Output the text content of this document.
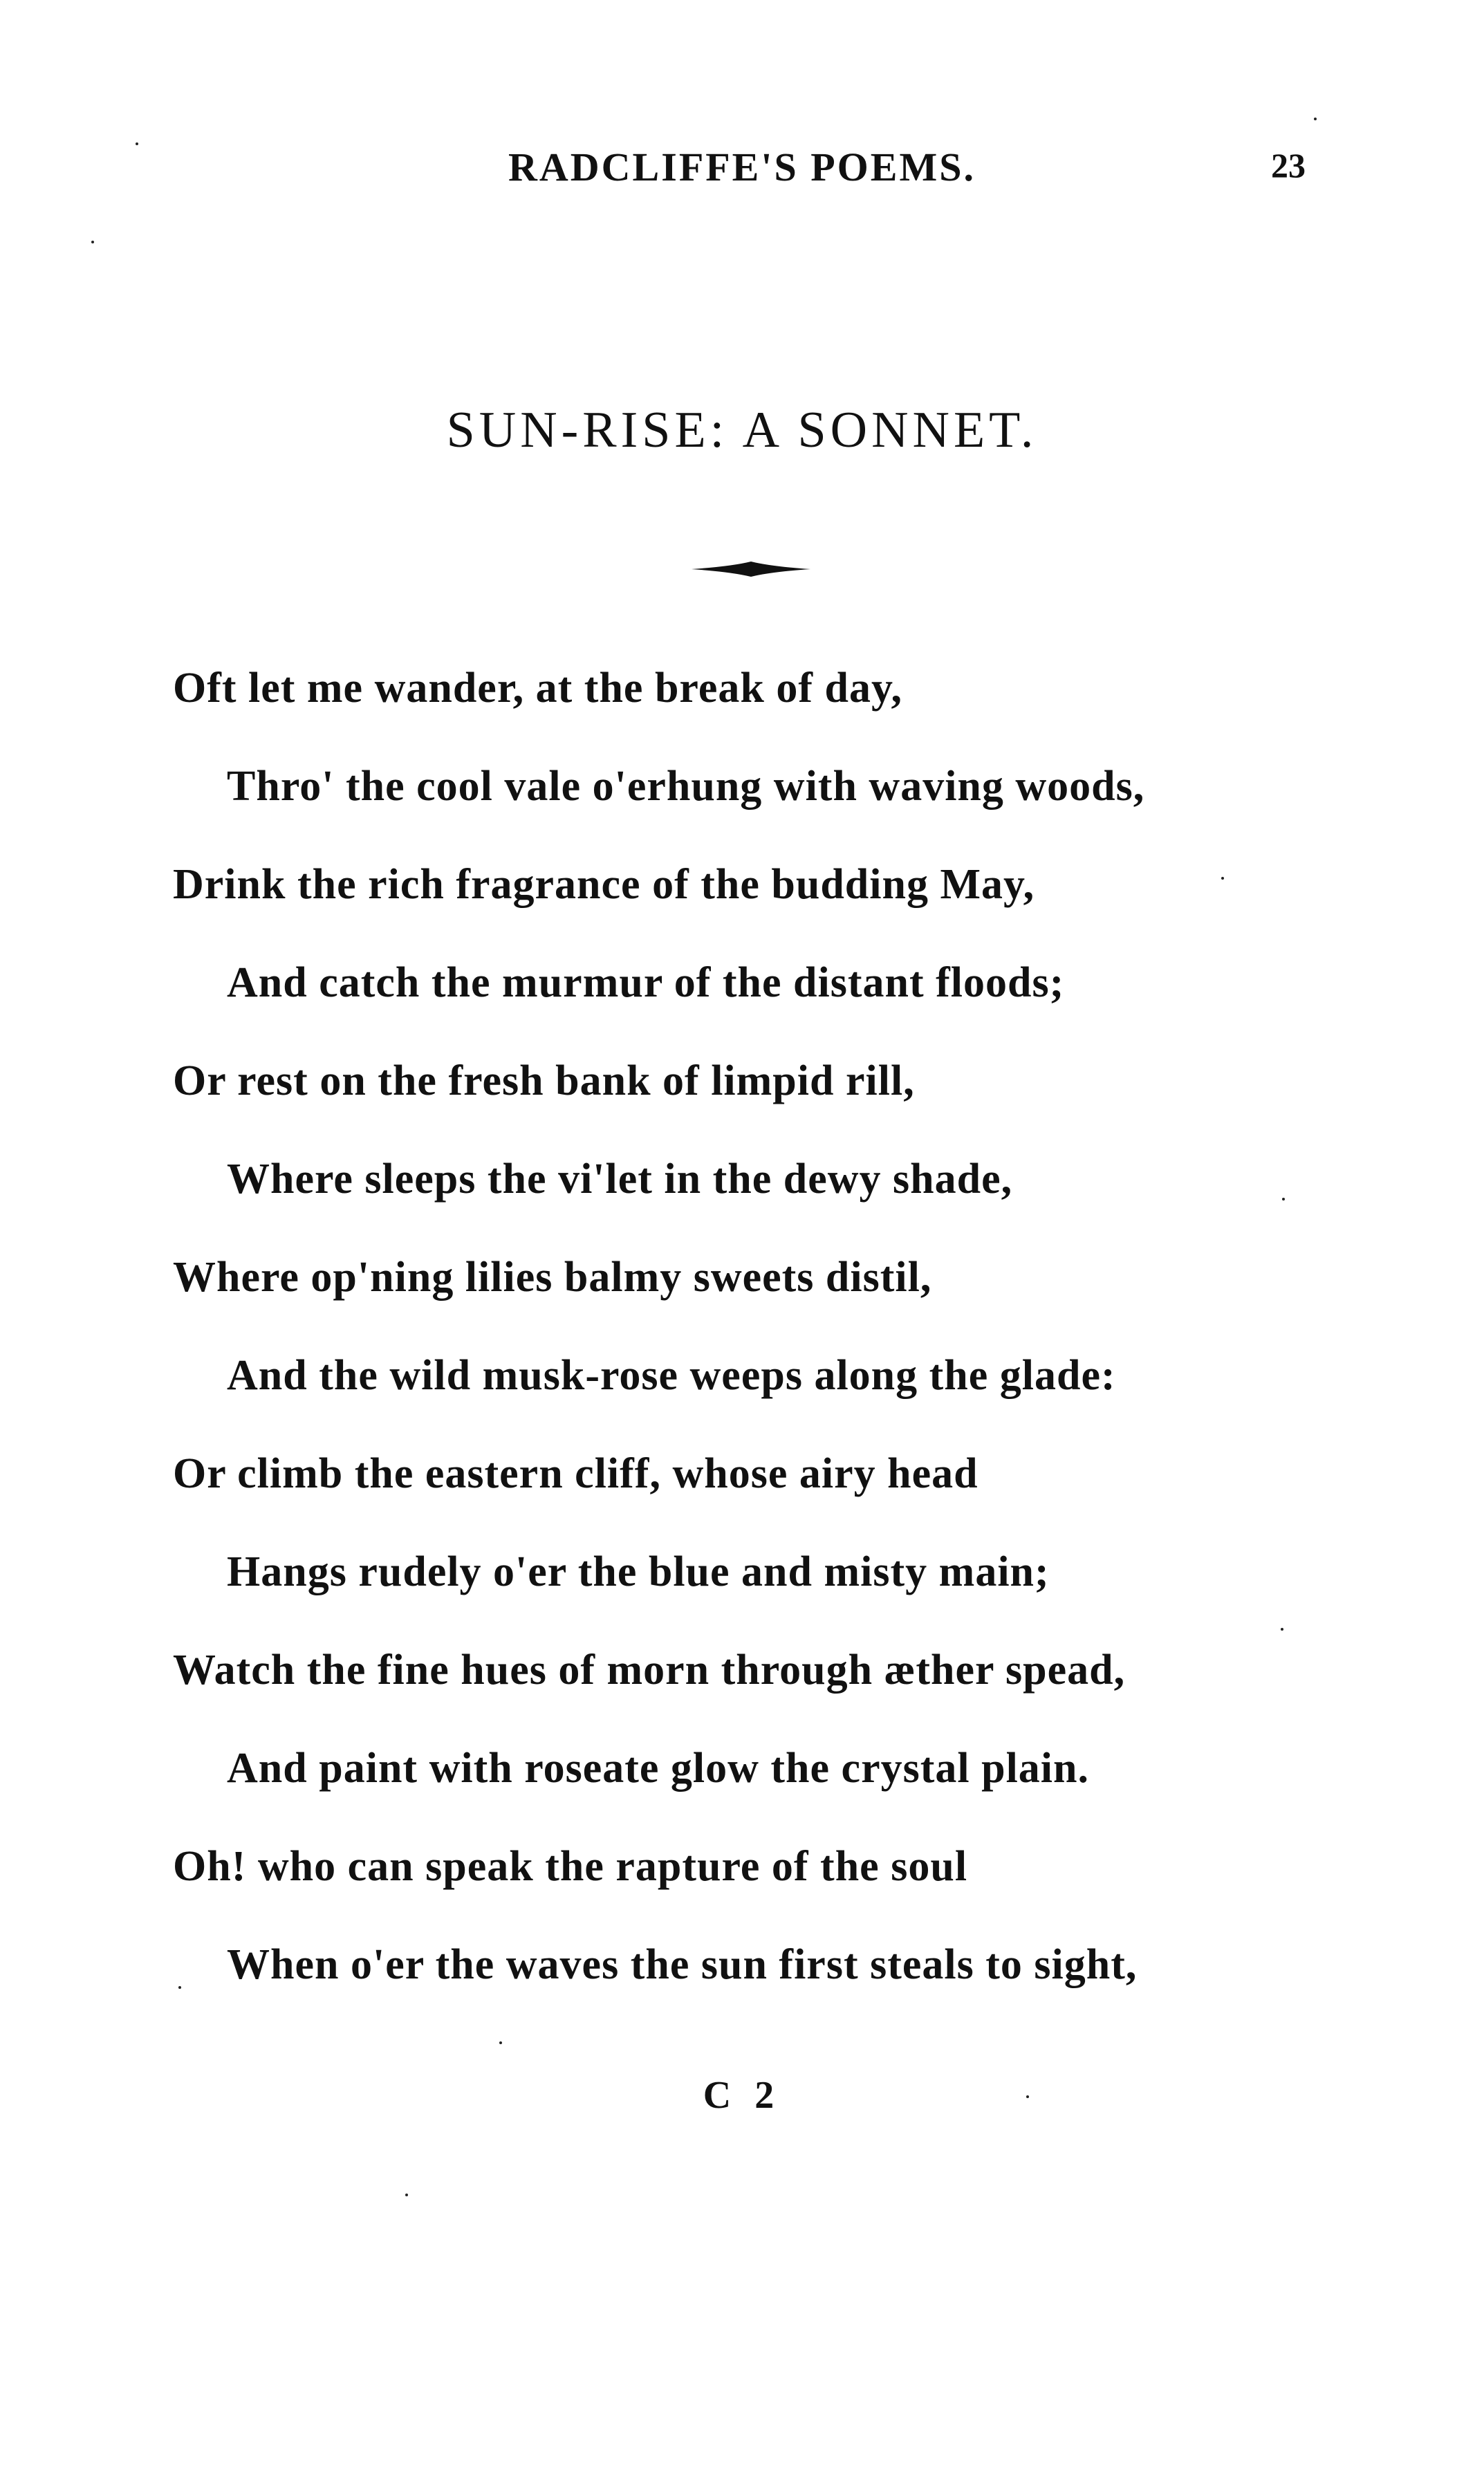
RADCLIFFE'S POEMS.	23
SUN-RISE: A SONNET.
Oft let me wander, at the break of day,
Thro' the cool vale o'erhung with waving woods,
Drink the rich fragrance of the budding May,
And catch the murmur of the distant floods;
Or rest on the fresh bank of limpid rill,
Where sleeps the vi'let in the dewy shade,
Where op'ning lilies balmy sweets distil,
And the wild musk-rose weeps along the glade:
Or climb the eastern cliff, whose airy head
Hangs rudely o'er the blue and misty main;
Watch the fine hues of morn through æther spead,
And paint with roseate glow the crystal plain.
Oh! who can speak the rapture of the soul
When o'er the waves the sun first steals to sight,
C 2
